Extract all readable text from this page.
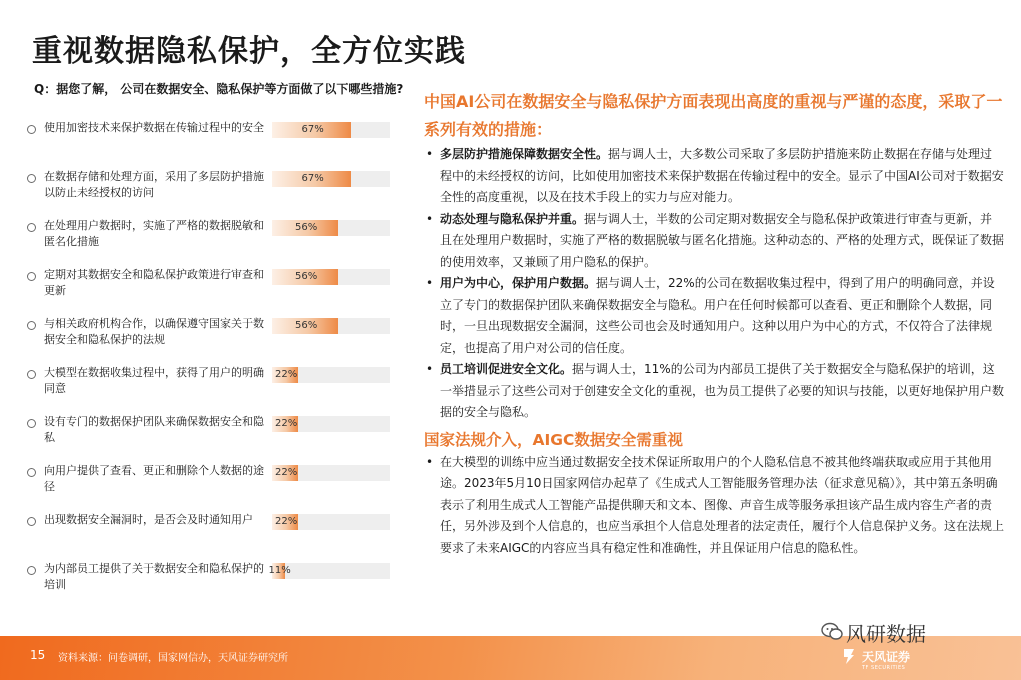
重视数据隐私保护，全方位实践
Q：据您了解， 公司在数据安全、隐私保护等方面做了以下哪些措施?
使用加密技术来保护数据在传输过程中的安全	67%
在数据存储和处理方面，采用了多层防护措施以防止未经授权的访问
67%
在处理用户数据时，实施了严格的数据脱敏和匿名化措施
56%
定期对其数据安全和隐私保护政策进行审查和更新
56%
与相关政府机构合作，以确保遵守国家关于数据安全和隐私保护的法规
56%
大模型在数据收集过程中，获得了用户的明确同意
22%
设有专门的数据保护团队来确保数据安全和隐私
22%
向用户提供了查看、更正和删除个人数据的途径
22%
出现数据安全漏洞时，是否会及时通知用户	22%
为内部员工提供了关于数据安全和隐私保护的培训
11%
中国AI公司在数据安全与隐私保护方面表现出高度的重视与严谨的态度，采取了一系列有效的措施：
• 多层防护措施保障数据安全性。据与调人士，大多数公司采取了多层防护措施来防止数据在存储与处理过程中的未经授权的访问，比如使用加密技术来保护数据在传输过程中的安全。显示了中国AI公司对于数据安全性的高度重视，以及在技术手段上的实力与应对能力。
• 动态处理与隐私保护并重。据与调人士，半数的公司定期对数据安全与隐私保护政策进行审查与更新，并且在处理用户数据时，实施了严格的数据脱敏与匿名化措施。这种动态的、严格的处理方式，既保证了数据的使用效率，又兼顾了用户隐私的保护。
• 用户为中心，保护用户数据。据与调人士，22%的公司在数据收集过程中，得到了用户的明确同意，并设立了专门的数据保护团队来确保数据安全与隐私。用户在任何时候都可以查看、更正和删除个人数据，同时，一旦出现数据安全漏洞，这些公司也会及时通知用户。这种以用户为中心的方式，不仅符合了法律规定，也提高了用户对公司的信任度。
• 员工培训促进安全文化。据与调人士，11%的公司为内部员工提供了关于数据安全与隐私保护的培训，这一举措显示了这些公司对于创建安全文化的重视，也为员工提供了必要的知识与技能，以更好地保护用户数据的安全与隐私。
国家法规介入，AIGC数据安全需重视
• 在大模型的训练中应当通过数据安全技术保证所取用户的个人隐私信息不被其他终端获取或应用于其他用途。2023年5月10日国家网信办起草了《生成式人工智能服务管理办法（征求意见稿）》，其中第五条明确表示了利用生成式人工智能产品提供聊天和文本、图像、声音生成等服务承担该产品生成内容生产者的责任，另外涉及到个人信息的，也应当承担个人信息处理者的法定责任，履行个人信息保护义务。这在法规上要求了未来AIGC的内容应当具有稳定性和准确性，并且保证用户信息的隐私性。
15 资料来源：问卷调研，国家网信办，天风证券研究所
风研数据
天风证券
TF SECURITIES
